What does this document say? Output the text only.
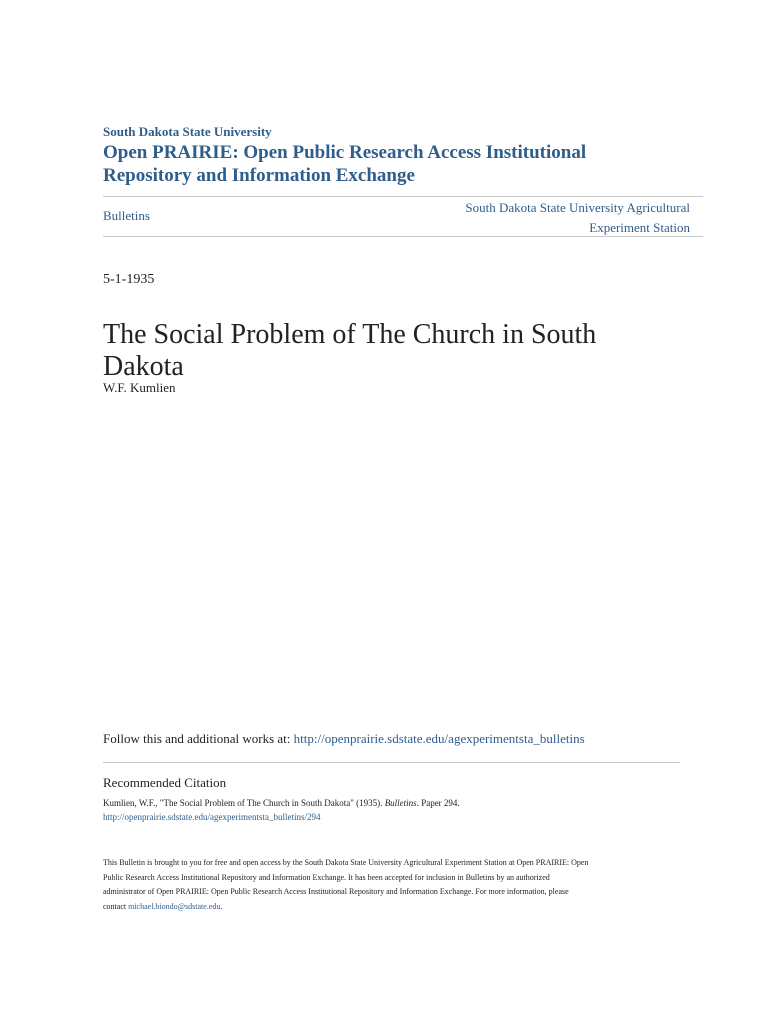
South Dakota State University
Open PRAIRIE: Open Public Research Access Institutional
Repository and Information Exchange
Bulletins
South Dakota State University Agricultural
Experiment Station
5-1-1935
The Social Problem of The Church in South
Dakota
W.F. Kumlien
Follow this and additional works at: http://openprairie.sdstate.edu/agexperimentsta_bulletins
Recommended Citation
Kumlien, W.F., "The Social Problem of The Church in South Dakota" (1935). Bulletins. Paper 294.
http://openprairie.sdstate.edu/agexperimentsta_bulletins/294
This Bulletin is brought to you for free and open access by the South Dakota State University Agricultural Experiment Station at Open PRAIRIE: Open
Public Research Access Institutional Repository and Information Exchange. It has been accepted for inclusion in Bulletins by an authorized
administrator of Open PRAIRIE: Open Public Research Access Institutional Repository and Information Exchange. For more information, please
contact michael.biondo@sdstate.edu.
